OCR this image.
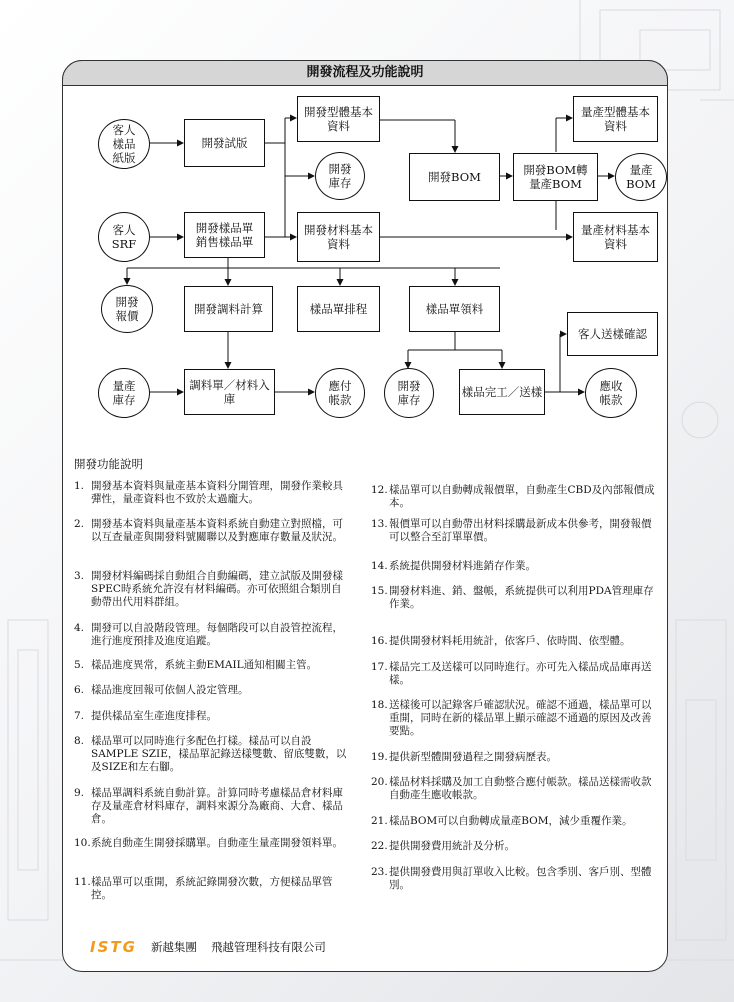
開發流程及功能說明
客人
樣品
紙版
開發試版
開發型體基本
資料
開發
庫存	開發BOM	開發BOM轉
量產BOM
量產
BOM
量產型體基本
資料
量產材料基本
資料
客人
SRF
開發樣品單
銷售樣品單
開發材料基本
資料
開發
報價	開發調料計算	樣品單排程	樣品單領料
客人送樣確認
量產
庫存
調料單／材料入
庫
應付
帳款
開發
庫存
樣品完工／送樣	應收
帳款
開發功能說明
1. 開發基本資料與量產基本資料分開管理，開發作業較具彈性，量產資料也不致於太過龐大。
2. 開發基本資料與量產基本資料系統自動建立對照檔，可以互查量產與開發料號關聯以及對應庫存數量及狀況。
3. 開發材料編碼採自動組合自動編碼，建立試版及開發樣SPEC時系統允許沒有材料編碼。亦可依照組合類別自動帶出代用料群組。
4. 開發可以自設階段管理。每個階段可以自設管控流程，進行進度預排及進度追蹤。
5. 樣品進度異常，系統主動EMAIL通知相關主管。
6. 樣品進度回報可依個人設定管理。
7. 提供樣品室生產進度排程。
8. 樣品單可以同時進行多配色打樣。樣品可以自設SAMPLE SZIE，樣品單記錄送樣雙數、留底雙數，以及SIZE和左右腳。
9. 樣品單調料系統自動計算。計算同時考慮樣品倉材料庫存及量產倉材料庫存，調料來源分為廠商、大倉、樣品倉。
10. 系統自動產生開發採購單。自動產生量產開發領料單。
11. 樣品單可以重開，系統記錄開發次數，方便樣品單管控。
12. 樣品單可以自動轉成報價單，自動產生CBD及內部報價成本。
13. 報價單可以自動帶出材料採購最新成本供參考，開發報價可以整合至訂單單價。
14. 系統提供開發材料進銷存作業。
15. 開發材料進、銷、盤帳，系統提供可以利用PDA管理庫存作業。
16. 提供開發材料耗用統計，依客戶、依時間、依型體。
17. 樣品完工及送樣可以同時進行。亦可先入樣品成品庫再送樣。
18. 送樣後可以記錄客戶確認狀況。確認不通過，樣品單可以重開，同時在新的樣品單上顯示確認不通過的原因及改善要點。
19. 提供新型體開發過程之開發病歷表。
20. 樣品材料採購及加工自動整合應付帳款。樣品送樣需收款自動產生應收帳款。
21. 樣品BOM可以自動轉成量產BOM，減少重覆作業。
22. 提供開發費用統計及分析。
23. 提供開發費用與訂單收入比較。包含季別、客戶別、型體別。
ISTG 新越集團 飛越管理科技有限公司
